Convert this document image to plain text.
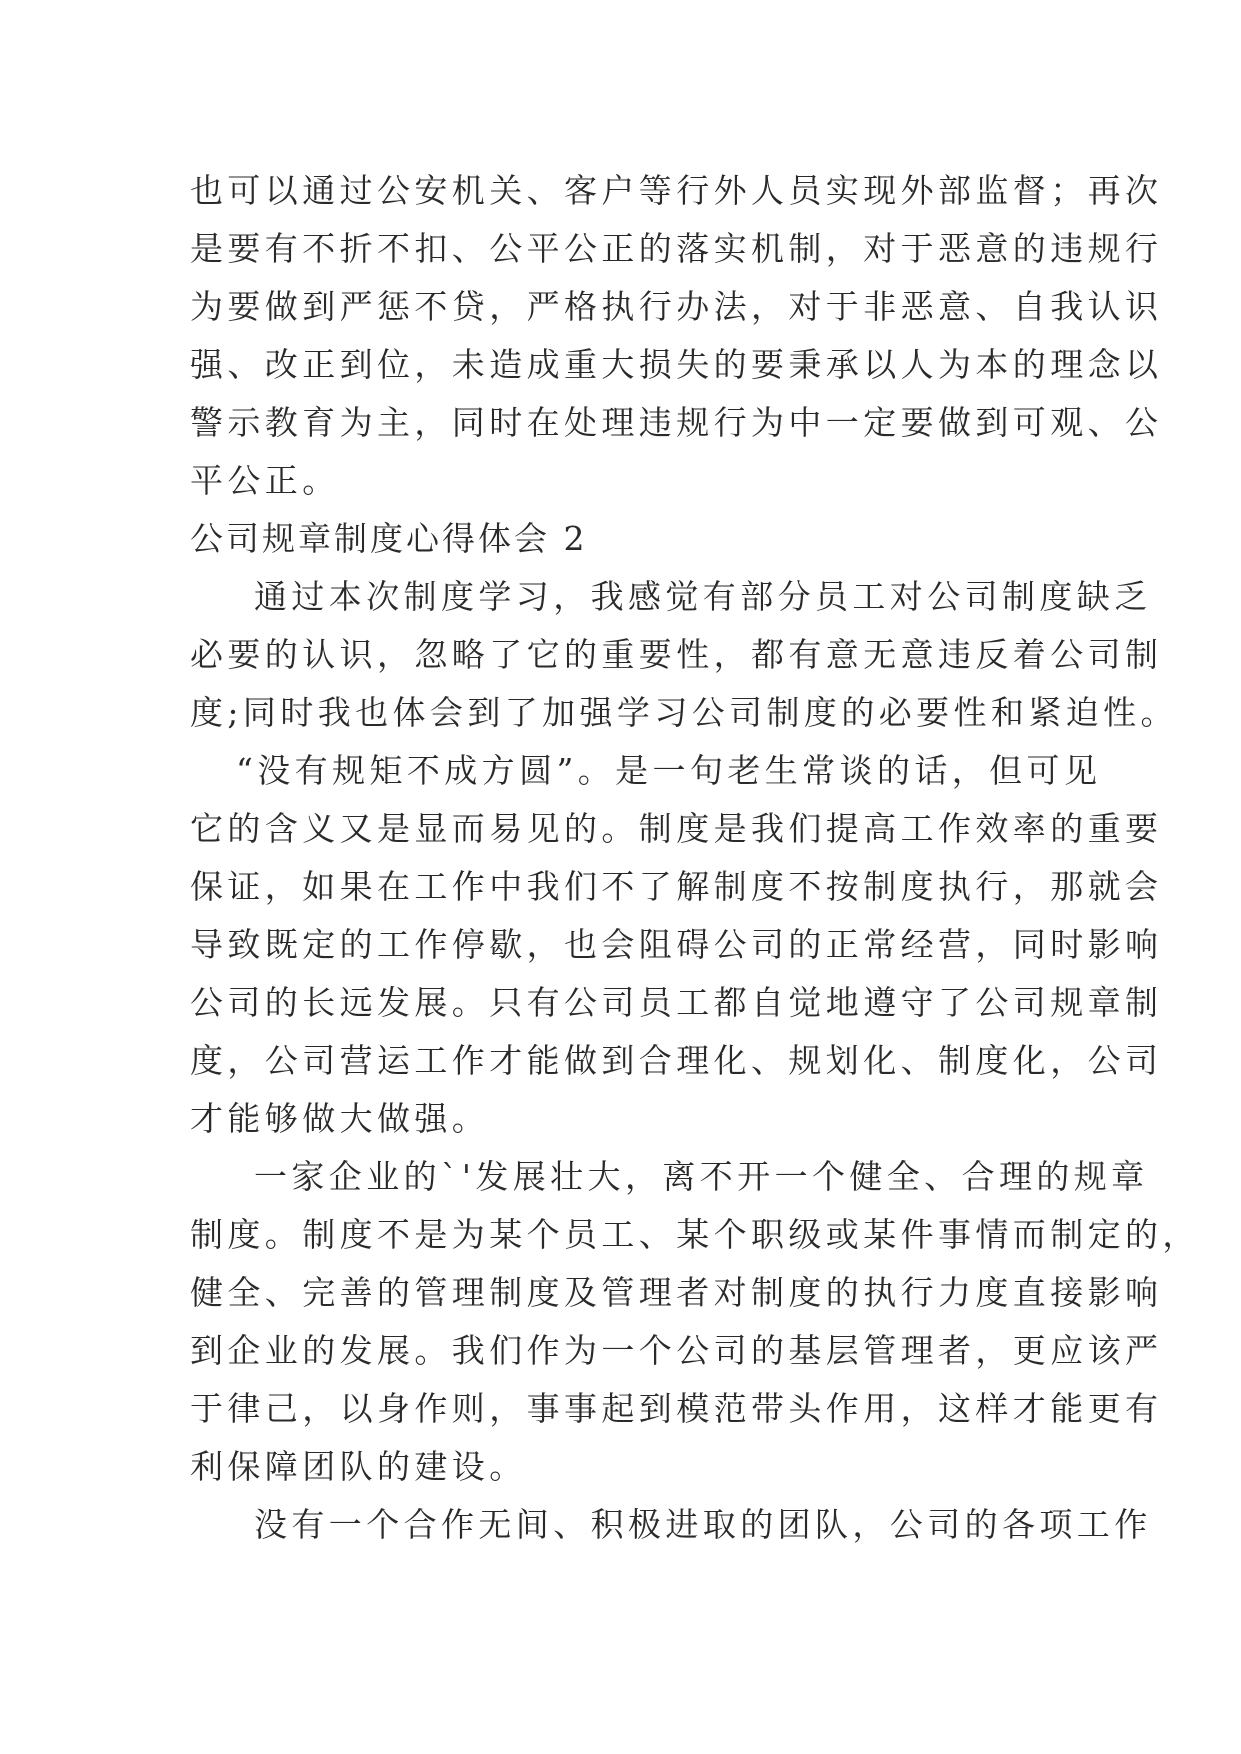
也可以通过公安机关、客户等行外人员实现外部监督；再次
是要有不折不扣、公平公正的落实机制，对于恶意的违规行
为要做到严惩不贷，严格执行办法，对于非恶意、自我认识
强、改正到位，未造成重大损失的要秉承以人为本的理念以
警示教育为主，同时在处理违规行为中一定要做到可观、公
平公正。
公司规章制度心得体会 2
通过本次制度学习，我感觉有部分员工对公司制度缺乏
必要的认识，忽略了它的重要性，都有意无意违反着公司制
度;同时我也体会到了加强学习公司制度的必要性和紧迫性。
“没有规矩不成方圆”。是一句老生常谈的话，但可见
它的含义又是显而易见的。制度是我们提高工作效率的重要
保证，如果在工作中我们不了解制度不按制度执行，那就会
导致既定的工作停歇，也会阻碍公司的正常经营，同时影响
公司的长远发展。只有公司员工都自觉地遵守了公司规章制
度，公司营运工作才能做到合理化、规划化、制度化，公司
才能够做大做强。
一家企业的`'发展壮大，离不开一个健全、合理的规章
制度。制度不是为某个员工、某个职级或某件事情而制定的，
健全、完善的管理制度及管理者对制度的执行力度直接影响
到企业的发展。我们作为一个公司的基层管理者，更应该严
于律己，以身作则，事事起到模范带头作用，这样才能更有
利保障团队的建设。
没有一个合作无间、积极进取的团队，公司的各项工作
